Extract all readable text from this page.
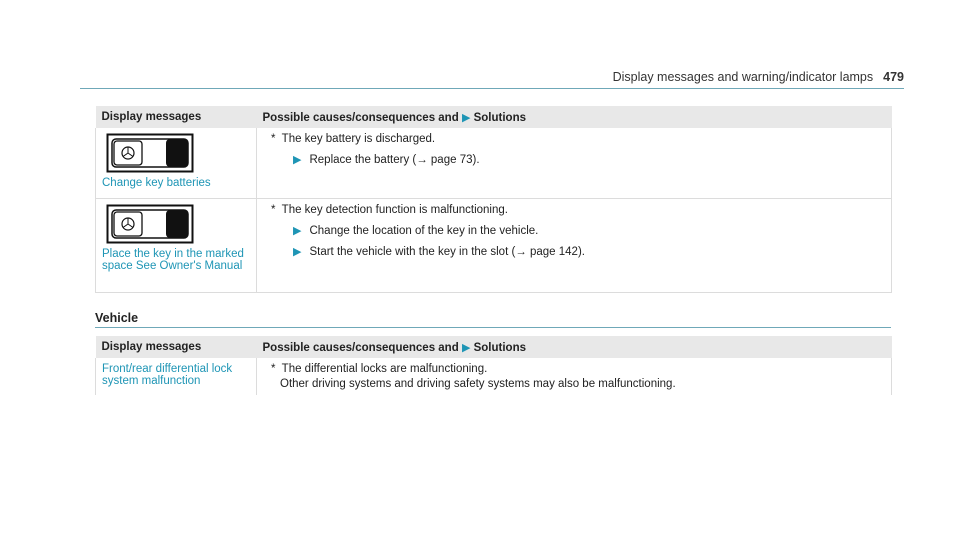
Display messages and warning/indicator lamps 479
Display messages	Possible causes/consequences and ▶ Solutions

Change key batteries	* The key battery is discharged.
▶ Replace the battery (→ page 73).

Place the key in the marked space See Owner's Manual	* The key detection function is malfunctioning.
▶ Change the location of the key in the vehicle.
▶ Start the vehicle with the key in the slot (→ page 142).
Vehicle
Display messages	Possible causes/consequences and ▶ Solutions
Front/rear differential lock system malfunction	* The differential locks are malfunctioning.
Other driving systems and driving safety systems may also be malfunctioning.
